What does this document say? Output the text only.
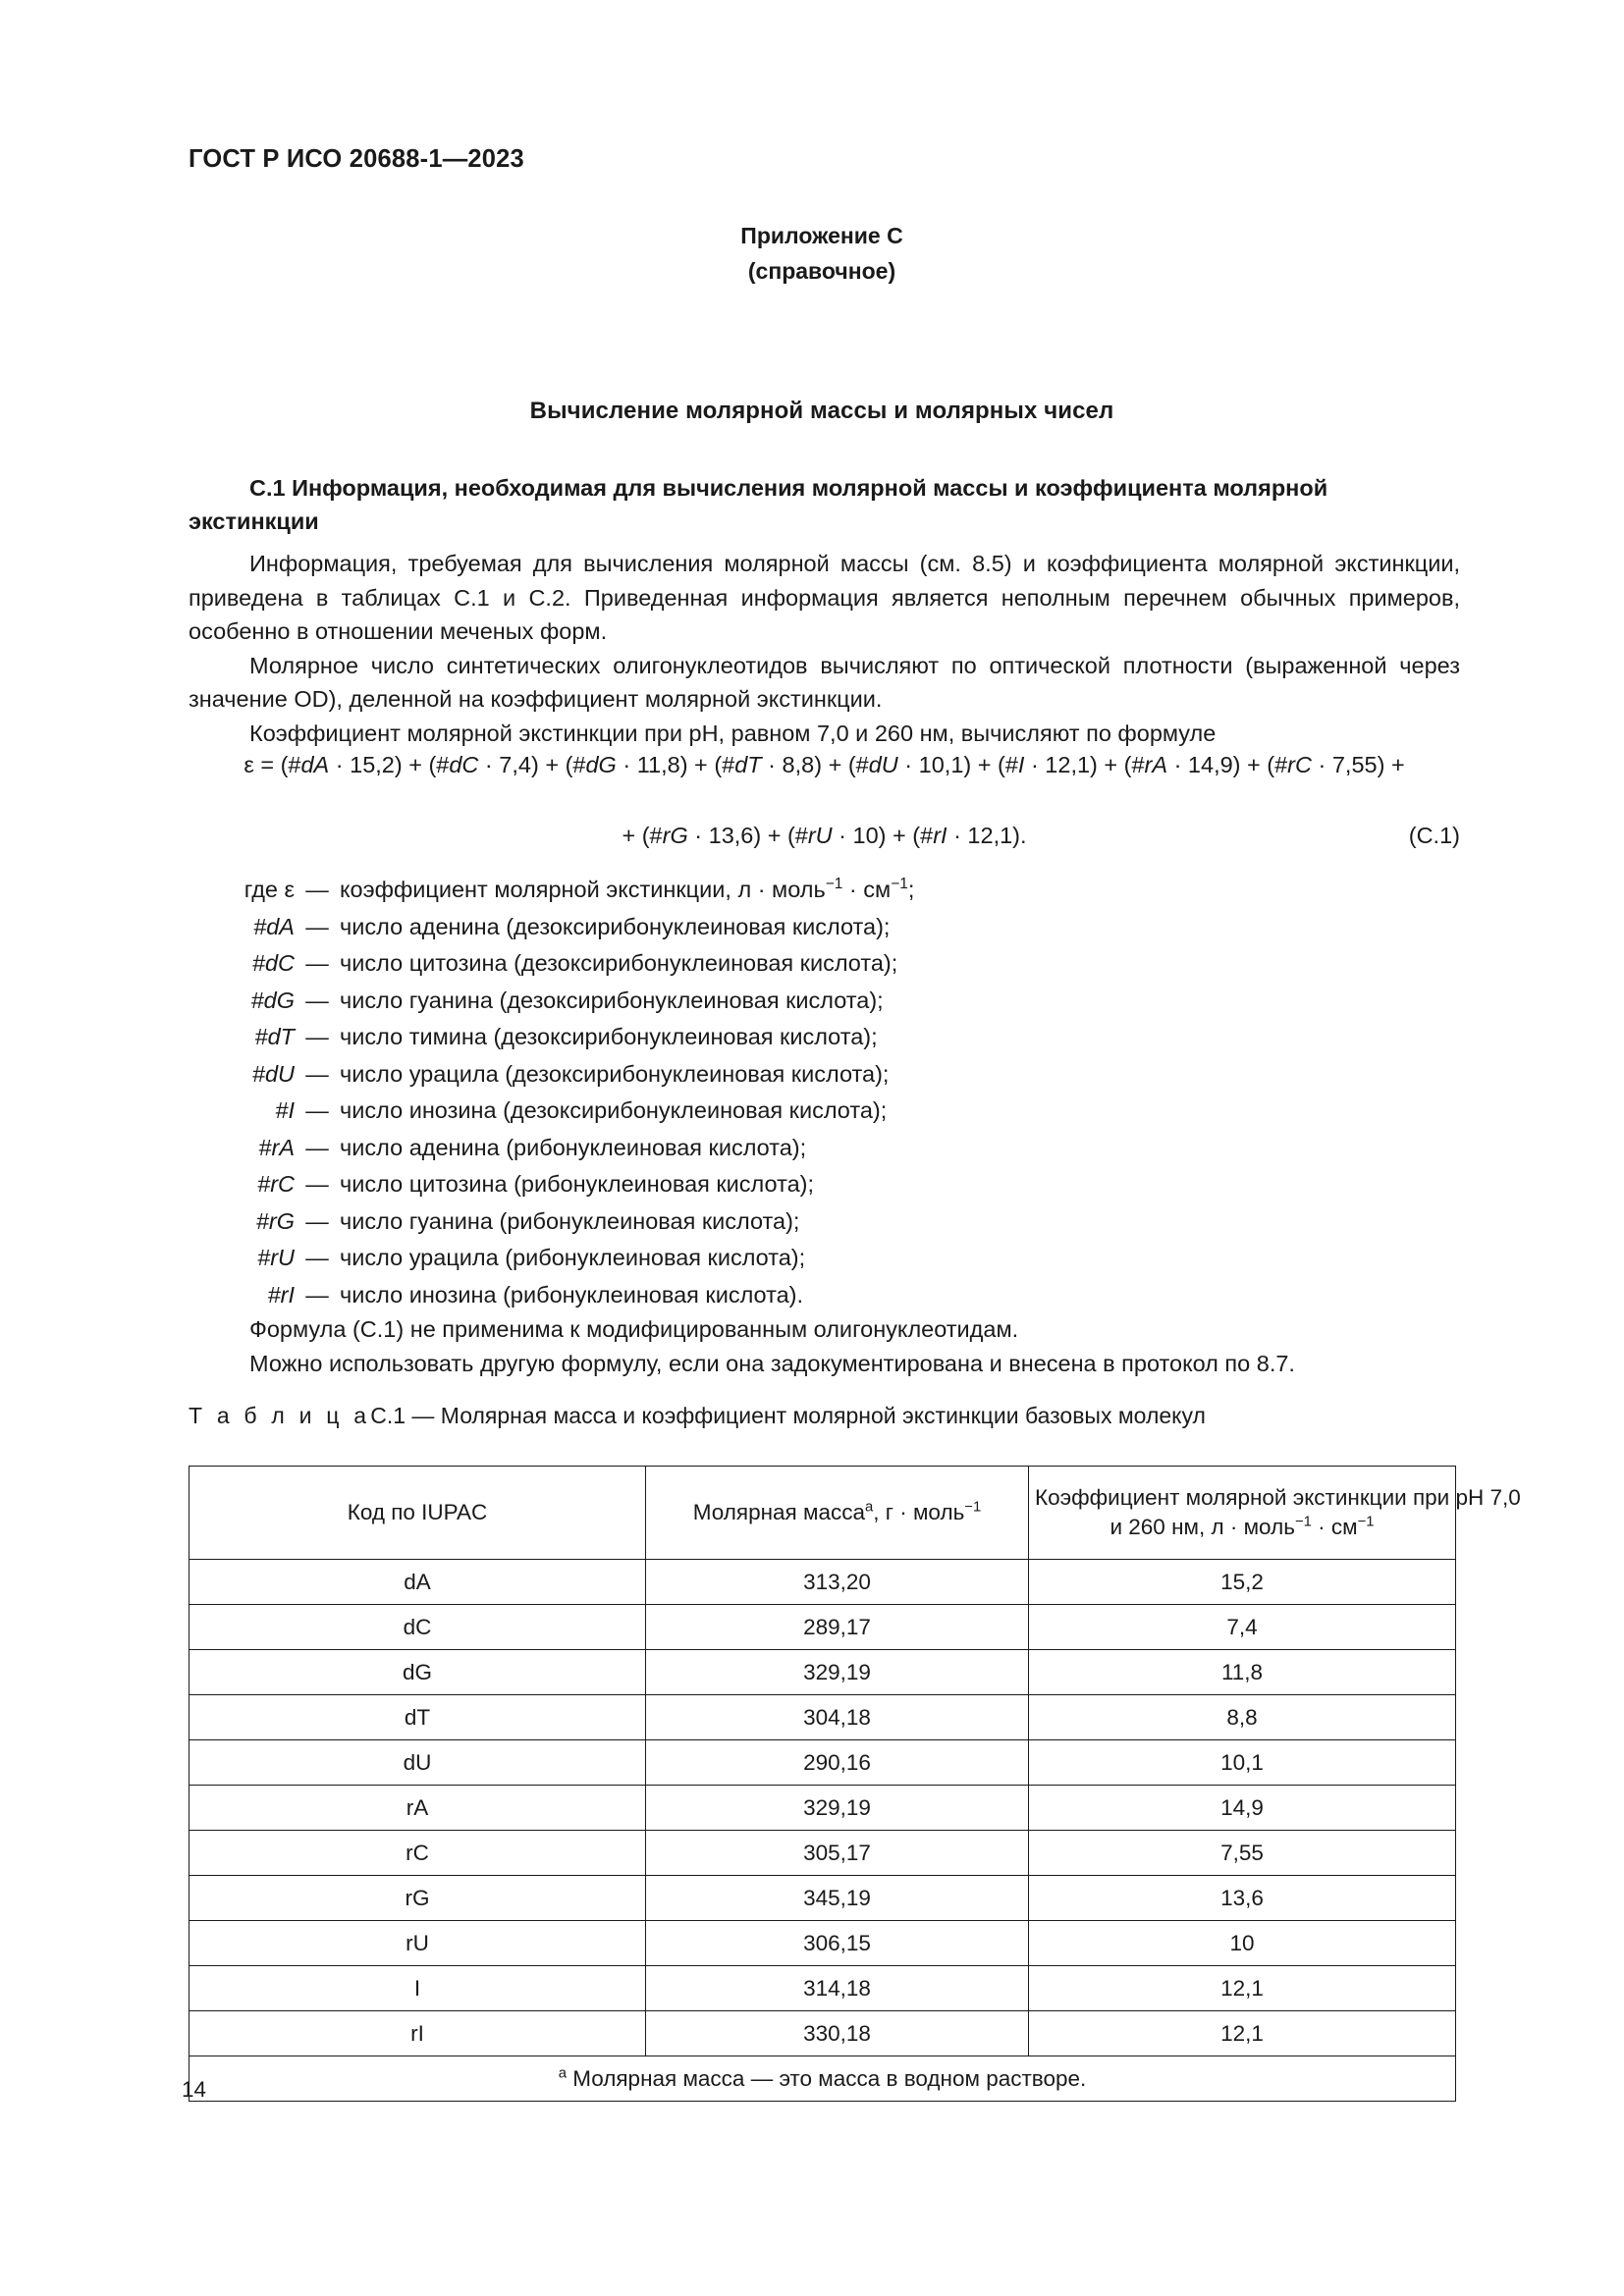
ГОСТ Р ИСО 20688-1—2023
Приложение С
(справочное)
Вычисление молярной массы и молярных чисел
С.1 Информация, необходимая для вычисления молярной массы и коэффициента молярной экстинкции

Информация, требуемая для вычисления молярной массы (см. 8.5) и коэффициента молярной экстинкции, приведена в таблицах С.1 и С.2. Приведенная информация является неполным перечнем обычных примеров, особенно в отношении меченых форм.

Молярное число синтетических олигонуклеотидов вычисляют по оптической плотности (выраженной через значение OD), деленной на коэффициент молярной экстинкции.

Коэффициент молярной экстинкции при pH, равном 7,0 и 260 нм, вычисляют по формуле

ε = (#dA · 15,2) + (#dC · 7,4) + (#dG · 11,8) + (#dT · 8,8) + (#dU · 10,1) + (#I · 12,1) + (#rA · 14,9) + (#rC · 7,55) +
+ (#rG · 13,6) + (#rU · 10) + (#rI · 12,1).	(С.1)
где ε — коэффициент молярной экстинкции, л · моль$^{-1}$ · $см^{-1}$;
#dA — число аденина (дезоксирибонуклеиновая кислота);
#dC — число цитозина (дезоксирибонуклеиновая кислота);
#dG — число гуанина (дезоксирибонуклеиновая кислота);
#dT — число тимина (дезоксирибонуклеиновая кислота);
#dU — число урацила (дезоксирибонуклеиновая кислота);
#I — число инозина (дезоксирибонуклеиновая кислота);
#rA — число аденина (рибонуклеиновая кислота);
#rC — число цитозина (рибонуклеиновая кислота);
#rG — число гуанина (рибонуклеиновая кислота);
#rU — число урацила (рибонуклеиновая кислота);
#rI — число инозина (рибонуклеиновая кислота).

Формула (С.1) не применима к модифицированным олигонуклеотидам.

Можно использовать другую формулу, если она задокументирована и внесена в протокол по 8.7.

Т а б л и ц аС.1 — Молярная масса и коэффициент молярной экстинкции базовых молекул
Код по IUPAC	Молярная масса$^a$, г · моль$^{-1}$	Коэффициент молярной экстинкции при pH 7,0
и 260 нм, л · моль$^{-1}$ · $см^{-1}$
dA	313,20	15,2
dC	289,17	7,4
dG	329,19	11,8
dT	304,18	8,8
dU	290,16	10,1
rA	329,19	14,9
rC	305,17	7,55
rG	345,19	13,6
rU	306,15	10
I	314,18	12,1
rI	330,18	12,1
$^a$ Молярная масса — это масса в водном растворе.		
14
